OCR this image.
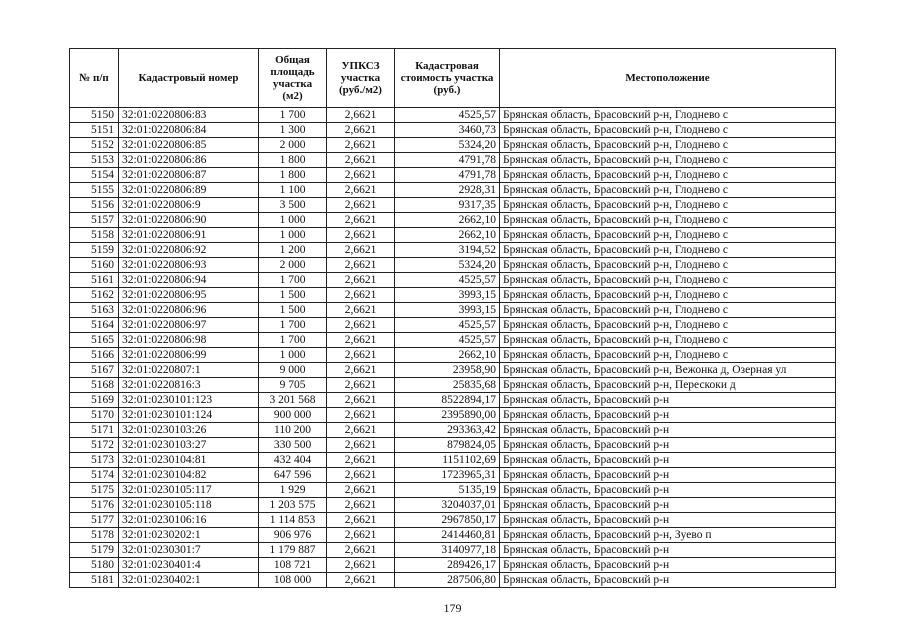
№ п/п	Кадастровый номер	Общая площадь участка (м2)	УПКСЗ участка (руб./м2)	Кадастровая стоимость участка (руб.)	Местоположение
5150	32:01:0220806:83	1 700	2,6621	4525,57	Брянская область, Брасовский р-н, Глоднево с
5151	32:01:0220806:84	1 300	2,6621	3460,73	Брянская область, Брасовский р-н, Глоднево с
5152	32:01:0220806:85	2 000	2,6621	5324,20	Брянская область, Брасовский р-н, Глоднево с
5153	32:01:0220806:86	1 800	2,6621	4791,78	Брянская область, Брасовский р-н, Глоднево с
5154	32:01:0220806:87	1 800	2,6621	4791,78	Брянская область, Брасовский р-н, Глоднево с
5155	32:01:0220806:89	1 100	2,6621	2928,31	Брянская область, Брасовский р-н, Глоднево с
5156	32:01:0220806:9	3 500	2,6621	9317,35	Брянская область, Брасовский р-н, Глоднево с
5157	32:01:0220806:90	1 000	2,6621	2662,10	Брянская область, Брасовский р-н, Глоднево с
5158	32:01:0220806:91	1 000	2,6621	2662,10	Брянская область, Брасовский р-н, Глоднево с
5159	32:01:0220806:92	1 200	2,6621	3194,52	Брянская область, Брасовский р-н, Глоднево с
5160	32:01:0220806:93	2 000	2,6621	5324,20	Брянская область, Брасовский р-н, Глоднево с
5161	32:01:0220806:94	1 700	2,6621	4525,57	Брянская область, Брасовский р-н, Глоднево с
5162	32:01:0220806:95	1 500	2,6621	3993,15	Брянская область, Брасовский р-н, Глоднево с
5163	32:01:0220806:96	1 500	2,6621	3993,15	Брянская область, Брасовский р-н, Глоднево с
5164	32:01:0220806:97	1 700	2,6621	4525,57	Брянская область, Брасовский р-н, Глоднево с
5165	32:01:0220806:98	1 700	2,6621	4525,57	Брянская область, Брасовский р-н, Глоднево с
5166	32:01:0220806:99	1 000	2,6621	2662,10	Брянская область, Брасовский р-н, Глоднево с
5167	32:01:0220807:1	9 000	2,6621	23958,90	Брянская область, Брасовский р-н, Вежонка д, Озерная ул
5168	32:01:0220816:3	9 705	2,6621	25835,68	Брянская область, Брасовский р-н, Перескоки д
5169	32:01:0230101:123	3 201 568	2,6621	8522894,17	Брянская область, Брасовский р-н
5170	32:01:0230101:124	900 000	2,6621	2395890,00	Брянская область, Брасовский р-н
5171	32:01:0230103:26	110 200	2,6621	293363,42	Брянская область, Брасовский р-н
5172	32:01:0230103:27	330 500	2,6621	879824,05	Брянская область, Брасовский р-н
5173	32:01:0230104:81	432 404	2,6621	1151102,69	Брянская область, Брасовский р-н
5174	32:01:0230104:82	647 596	2,6621	1723965,31	Брянская область, Брасовский р-н
5175	32:01:0230105:117	1 929	2,6621	5135,19	Брянская область, Брасовский р-н
5176	32:01:0230105:118	1 203 575	2,6621	3204037,01	Брянская область, Брасовский р-н
5177	32:01:0230106:16	1 114 853	2,6621	2967850,17	Брянская область, Брасовский р-н
5178	32:01:0230202:1	906 976	2,6621	2414460,81	Брянская область, Брасовский р-н, Зуево п
5179	32:01:0230301:7	1 179 887	2,6621	3140977,18	Брянская область, Брасовский р-н
5180	32:01:0230401:4	108 721	2,6621	289426,17	Брянская область, Брасовский р-н
5181	32:01:0230402:1	108 000	2,6621	287506,80	Брянская область, Брасовский р-н
179
